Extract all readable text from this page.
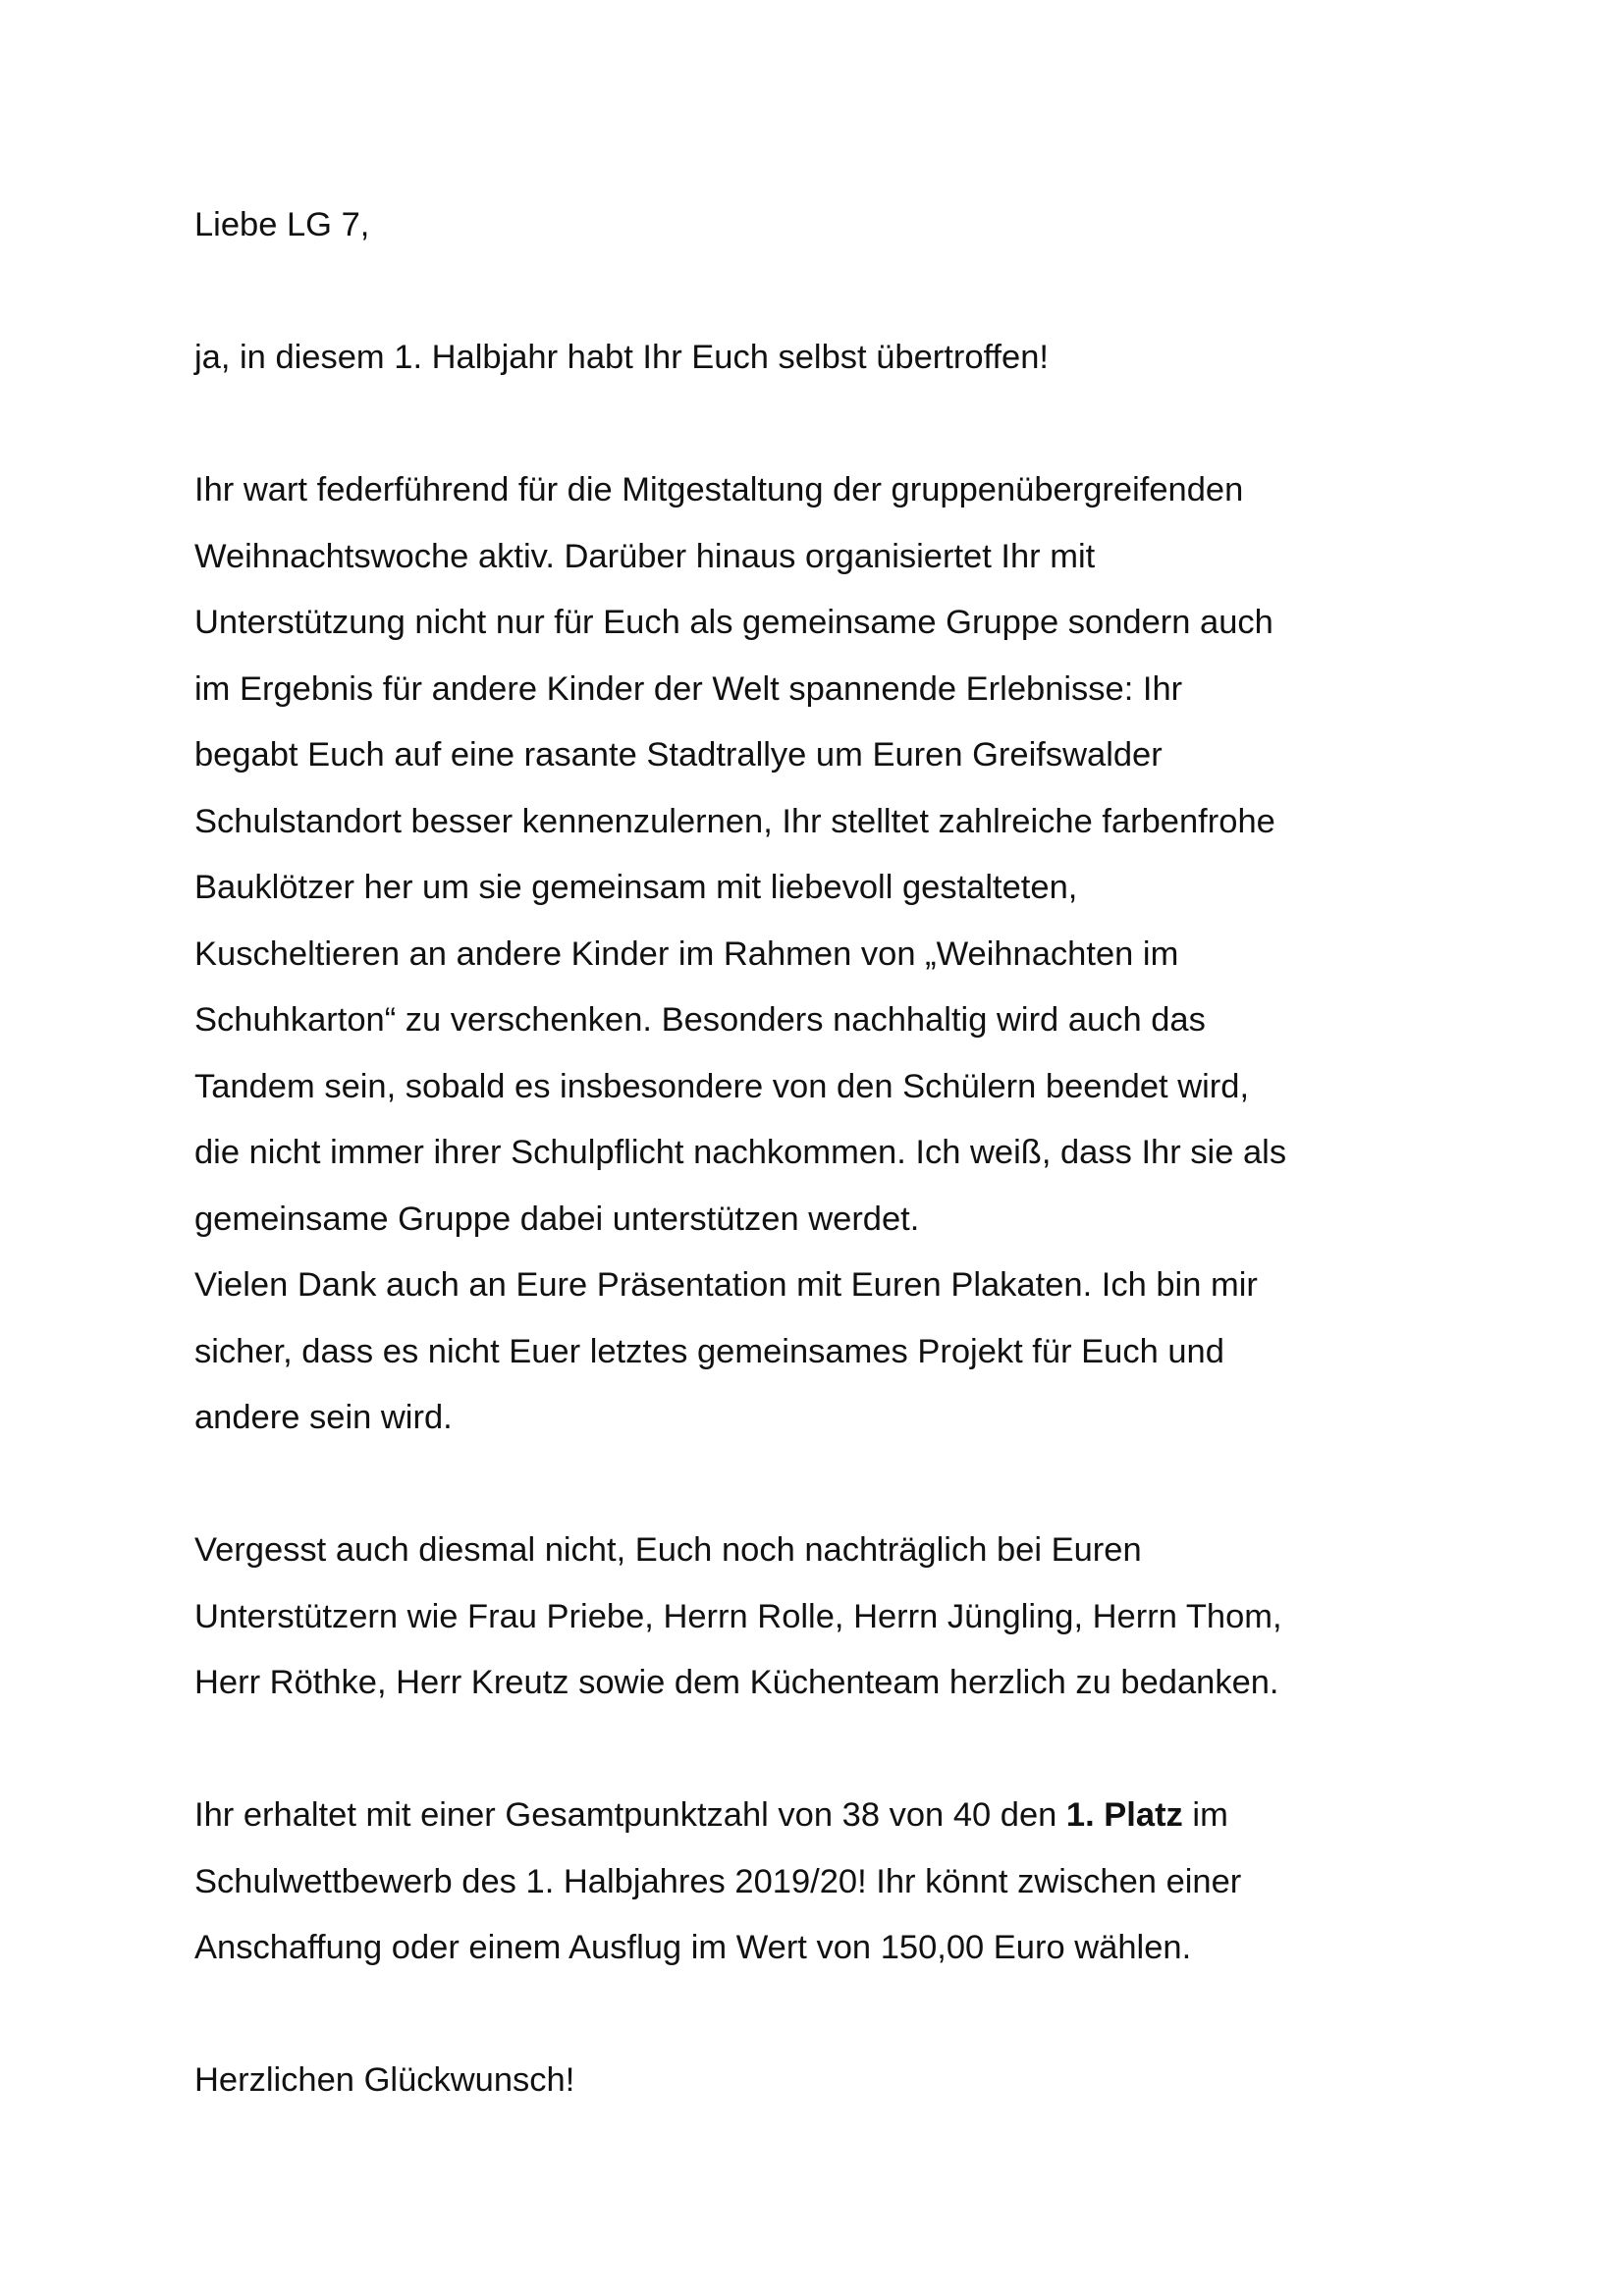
Liebe LG 7,

ja, in diesem 1. Halbjahr habt Ihr Euch selbst übertroffen!

Ihr wart federführend für die Mitgestaltung der gruppenübergreifenden
Weihnachtswoche aktiv. Darüber hinaus organisiertet Ihr mit
Unterstützung nicht nur für Euch als gemeinsame Gruppe sondern auch
im Ergebnis für andere Kinder der Welt spannende Erlebnisse: Ihr
begabt Euch auf eine rasante Stadtrallye um Euren Greifswalder
Schulstandort besser kennenzulernen, Ihr stelltet zahlreiche farbenfrohe
Bauklötzer her um sie gemeinsam mit liebevoll gestalteten,
Kuscheltieren an andere Kinder im Rahmen von „Weihnachten im
Schuhkarton“ zu verschenken. Besonders nachhaltig wird auch das
Tandem sein, sobald es insbesondere von den Schülern beendet wird,
die nicht immer ihrer Schulpflicht nachkommen. Ich weiß, dass Ihr sie als
gemeinsame Gruppe dabei unterstützen werdet.
Vielen Dank auch an Eure Präsentation mit Euren Plakaten. Ich bin mir
sicher, dass es nicht Euer letztes gemeinsames Projekt für Euch und
andere sein wird.

Vergesst auch diesmal nicht, Euch noch nachträglich bei Euren
Unterstützern wie Frau Priebe, Herrn Rolle, Herrn Jüngling, Herrn Thom,
Herr Röthke, Herr Kreutz sowie dem Küchenteam herzlich zu bedanken.

Ihr erhaltet mit einer Gesamtpunktzahl von 38 von 40 den 1. Platz im
Schulwettbewerb des 1. Halbjahres 2019/20! Ihr könnt zwischen einer
Anschaffung oder einem Ausflug im Wert von 150,00 Euro wählen.

Herzlichen Glückwunsch!
